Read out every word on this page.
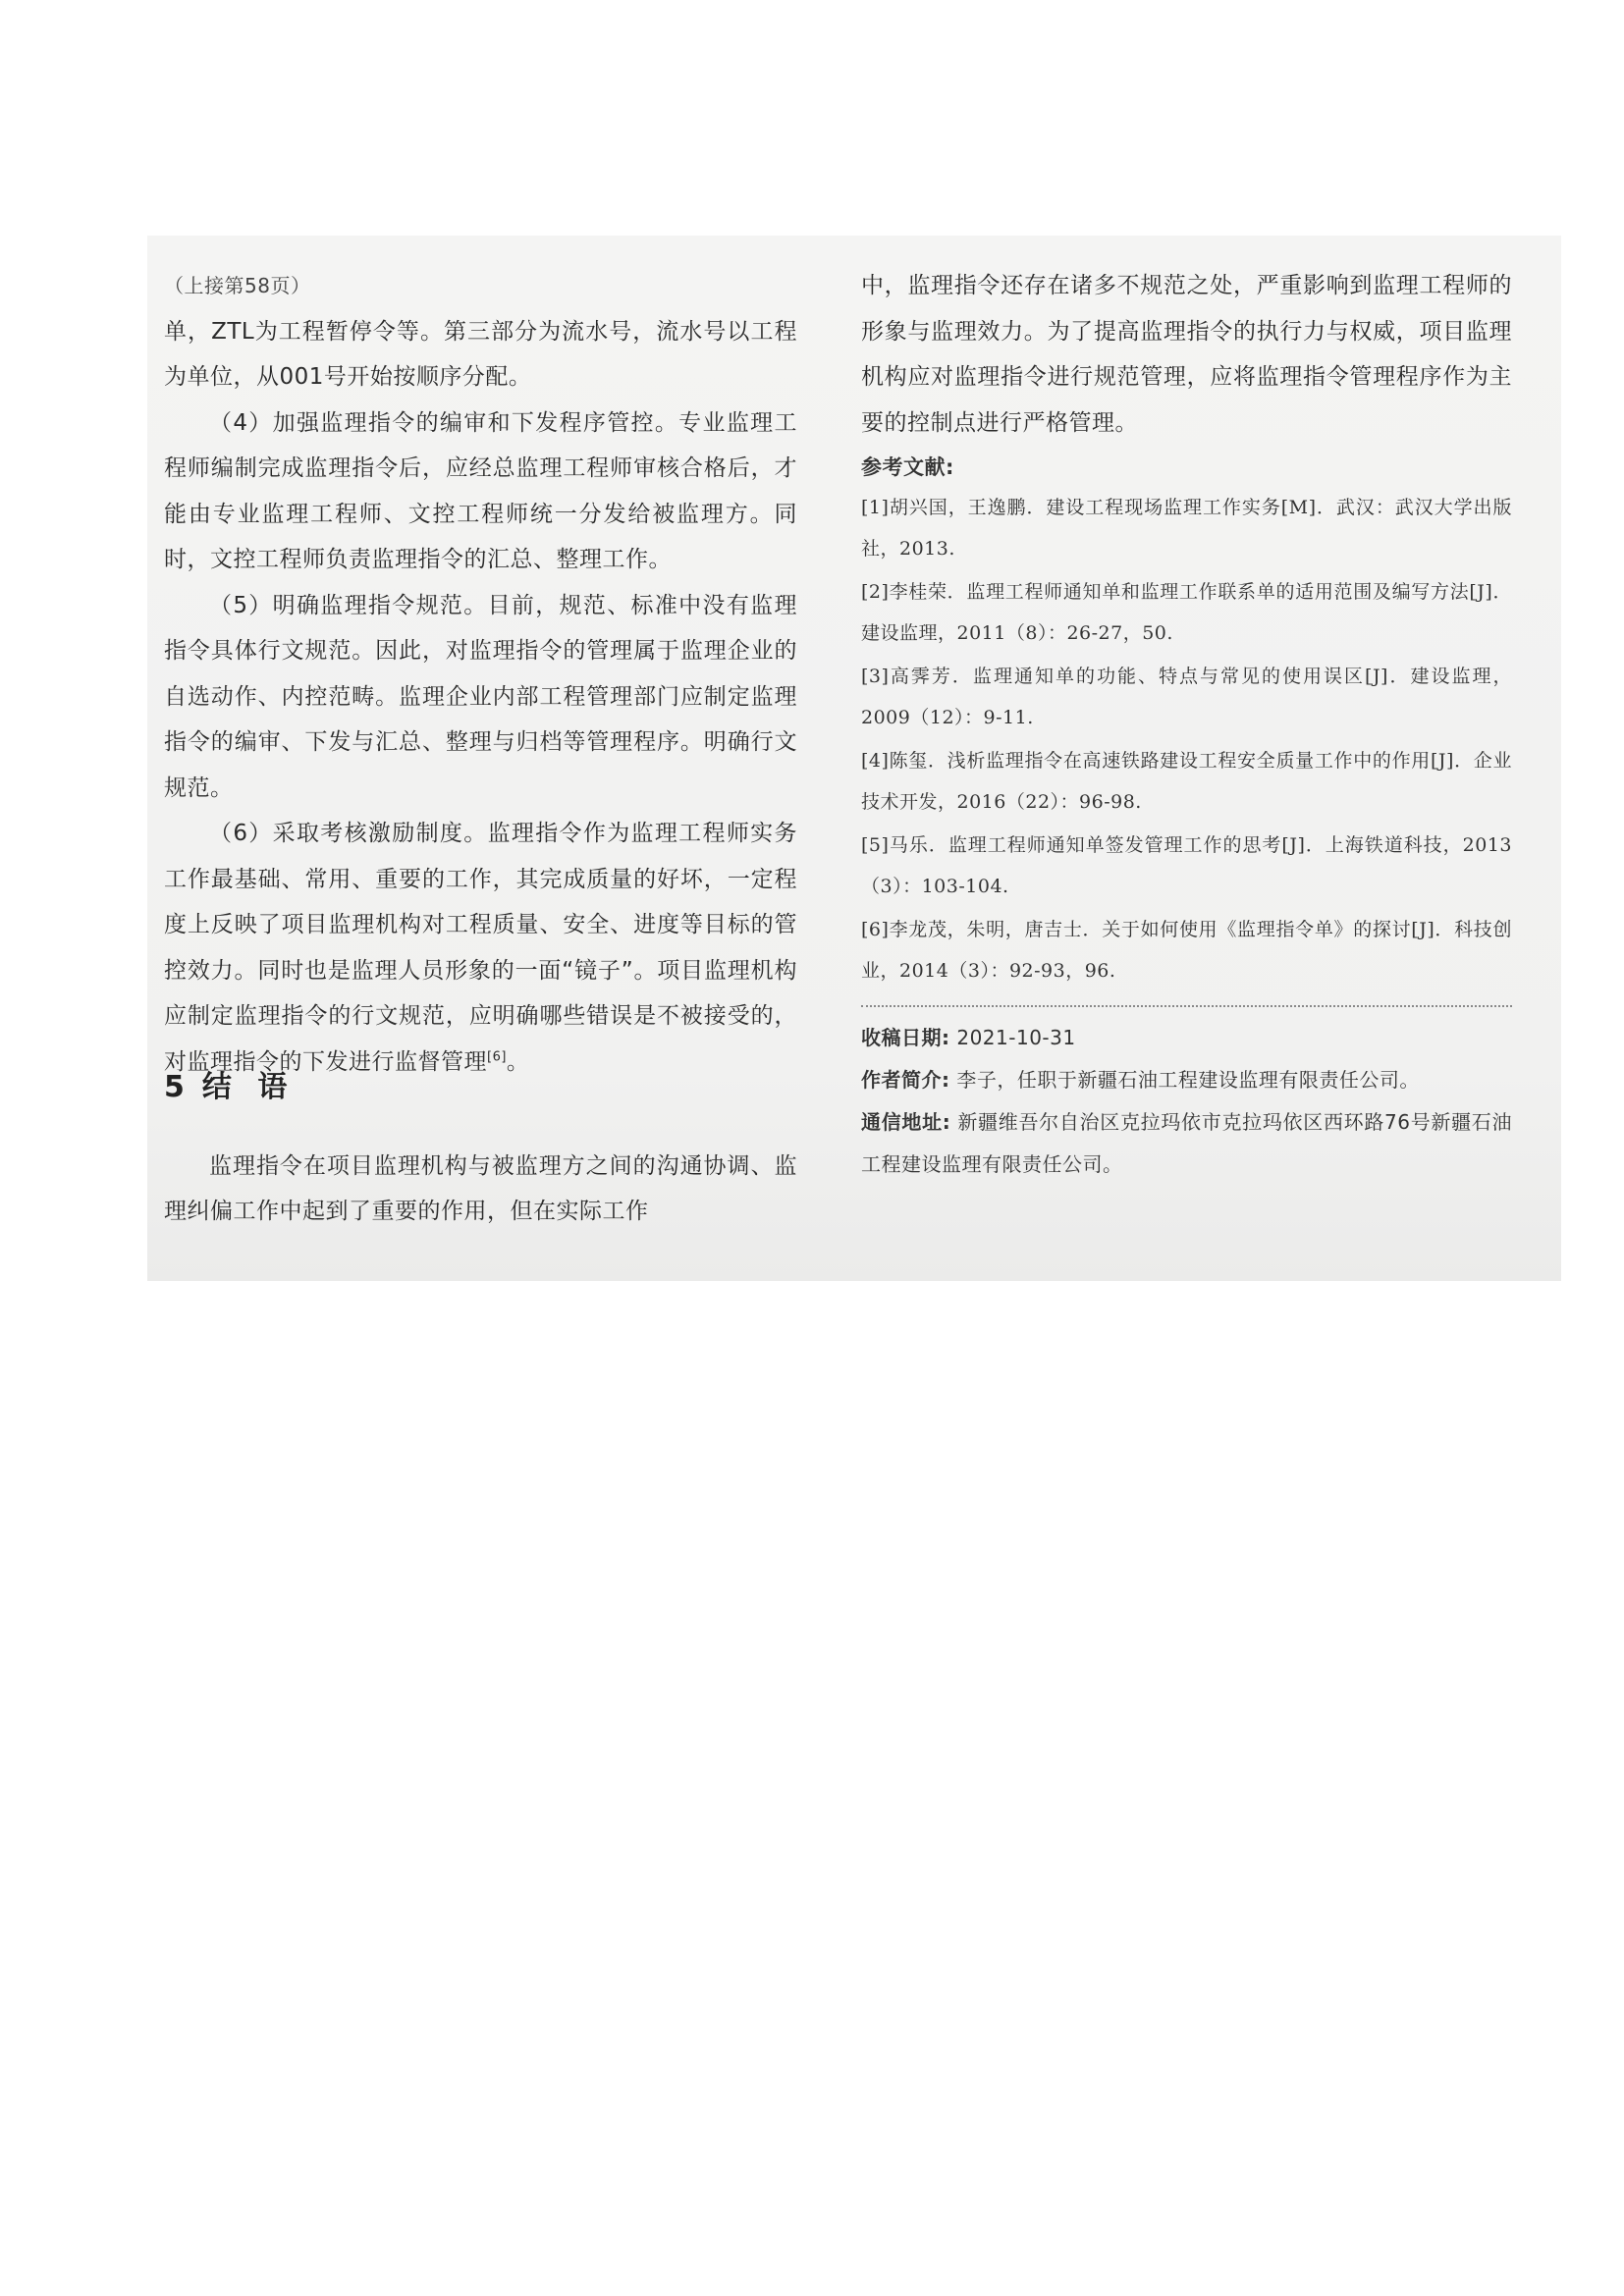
（上接第58页）

单，ZTL为工程暂停令等。第三部分为流水号，流水号以工程为单位，从001号开始按顺序分配。

（4）加强监理指令的编审和下发程序管控。专业监理工程师编制完成监理指令后，应经总监理工程师审核合格后，才能由专业监理工程师、文控工程师统一分发给被监理方。同时，文控工程师负责监理指令的汇总、整理工作。

（5）明确监理指令规范。目前，规范、标准中没有监理指令具体行文规范。因此，对监理指令的管理属于监理企业的自选动作、内控范畴。监理企业内部工程管理部门应制定监理指令的编审、下发与汇总、整理与归档等管理程序。明确行文规范。

（6）采取考核激励制度。监理指令作为监理工程师实务工作最基础、常用、重要的工作，其完成质量的好坏，一定程度上反映了项目监理机构对工程质量、安全、进度等目标的管控效力。同时也是监理人员形象的一面“镜子”。项目监理机构应制定监理指令的行文规范，应明确哪些错误是不被接受的，对监理指令的下发进行监督管理[6]。

5 结 语

监理指令在项目监理机构与被监理方之间的沟通协调、监理纠偏工作中起到了重要的作用，但在实际工作

中，监理指令还存在诸多不规范之处，严重影响到监理工程师的形象与监理效力。为了提高监理指令的执行力与权威，项目监理机构应对监理指令进行规范管理，应将监理指令管理程序作为主要的控制点进行严格管理。

参考文献:

[1]胡兴国，王逸鹏．建设工程现场监理工作实务[M]．武汉：武汉大学出版社，2013.

[2]李桂荣．监理工程师通知单和监理工作联系单的适用范围及编写方法[J]．建设监理，2011（8）：26-27，50.

[3]高霁芳．监理通知单的功能、特点与常见的使用误区[J]．建设监理，2009（12）：9-11.

[4]陈玺．浅析监理指令在高速铁路建设工程安全质量工作中的作用[J]．企业技术开发，2016（22）：96-98.

[5]马乐．监理工程师通知单签发管理工作的思考[J]．上海铁道科技，2013（3）：103-104.

[6]李龙茂，朱明，唐吉士．关于如何使用《监理指令单》的探讨[J]．科技创业，2014（3）：92-93，96.

收稿日期: 2021-10-31

作者简介: 李子，任职于新疆石油工程建设监理有限责任公司。

通信地址: 新疆维吾尔自治区克拉玛依市克拉玛依区西环路76号新疆石油工程建设监理有限责任公司。
